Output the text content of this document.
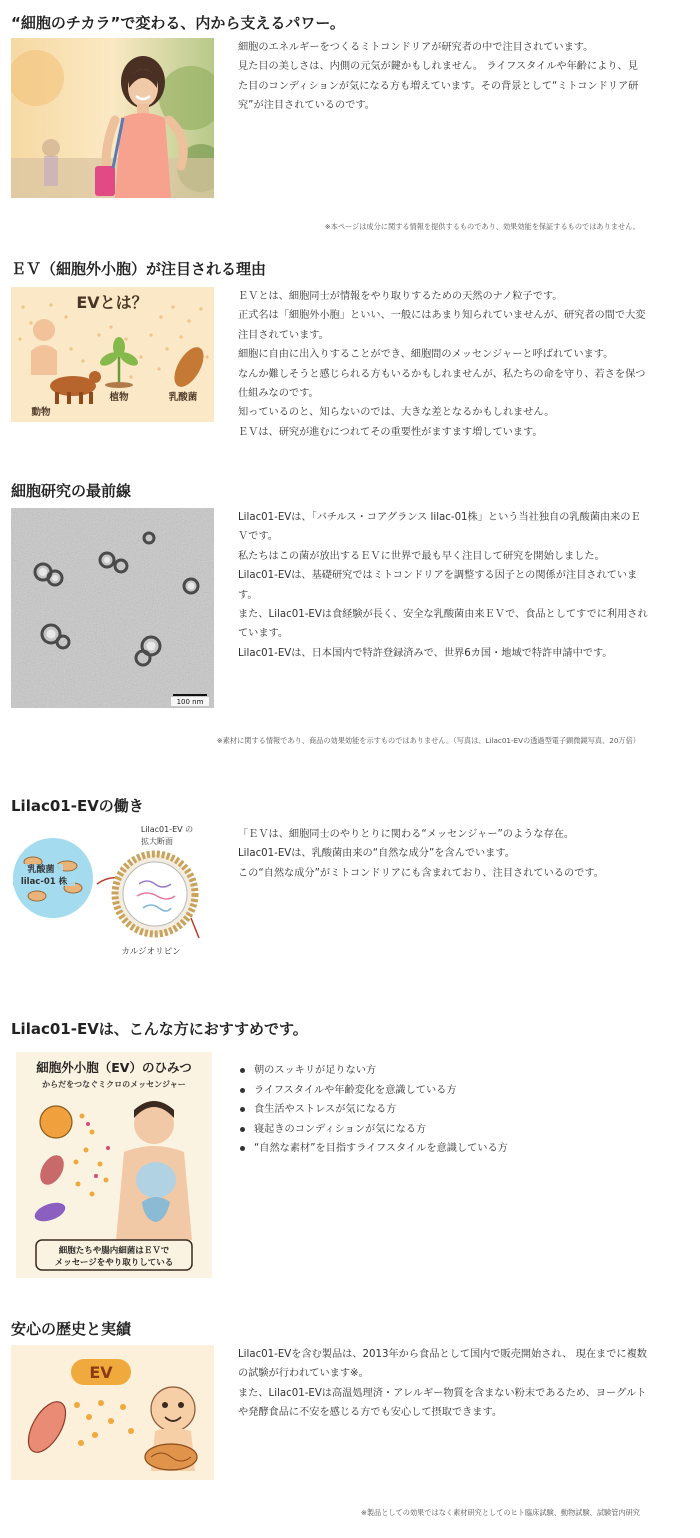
“細胞のチカラ”で変わる、内から支えるパワー。

細胞のエネルギーをつくるミトコンドリアが研究者の中で注目されています。

見た目の美しさは、内側の元気が鍵かもしれません。 ライフスタイルや年齢により、見た目のコンディションが気になる方も増えています。その背景として“ミトコンドリア研究”が注目されているのです。

※本ページは成分に関する情報を提供するものであり、効果効能を保証するものではありません。
ＥＶ（細胞外小胞）が注目される理由
EVとは？
動物
植物	乳酸菌

ＥＶとは、細胞同士が情報をやり取りするための天然のナノ粒子です。

正式名は「細胞外小胞」といい、一般にはあまり知られていませんが、研究者の間で大変注目されています。

細胞に自由に出入りすることができ、細胞間のメッセンジャーと呼ばれています。

なんか難しそうと感じられる方もいるかもしれませんが、私たちの命を守り、若さを保つ仕組みなのです。

知っているのと、知らないのでは、大きな差となるかもしれません。

ＥＶは、研究が進むにつれてその重要性がますます増しています。

細胞研究の最前線
100 nm

Lilac01-EVは、「バチルス・コアグランス lilac-01株」という当社独自の乳酸菌由来のＥＶです。

私たちはこの菌が放出するＥＶに世界で最も早く注目して研究を開始しました。

Lilac01-EVは、基礎研究ではミトコンドリアを調整する因子との関係が注目されています。

また、Lilac01-EVは食経験が長く、安全な乳酸菌由来ＥＶで、食品としてすでに利用されています。

Lilac01-EVは、日本国内で特許登録済みで、世界6カ国・地域で特許申請中です。

※素材に関する情報であり、商品の効果効能を示すものではありません。（写真は、Lilac01-EVの透過型電子顕微鏡写真、20万倍）
Lilac01-EVの働き
乳酸菌
lilac-01 株
Lilac01-EV の
拡大断面
カルジオリピン

「ＥＶは、細胞同士のやりとりに関わる“メッセンジャー”のような存在。

Lilac01-EVは、乳酸菌由来の“自然な成分”を含んでいます。

この“自然な成分”がミトコンドリアにも含まれており、注目されているのです。

Lilac01-EVは、こんな方におすすめです。
細胞外小胞（EV）のひみつ
からだをつなぐミクロのメッセンジャー
細胞たちや腸内細菌はＥＶで
メッセージをやり取りしている
朝のスッキリが足りない方
ライフスタイルや年齢変化を意識している方
食生活やストレスが気になる方
寝起きのコンディションが気になる方
“自然な素材”を目指すライフスタイルを意識している方
安心の歴史と実績
EV

Lilac01-EVを含む製品は、2013年から食品として国内で販売開始され、 現在までに複数の試験が行われています※。

また、Lilac01-EVは高温処理済・アレルギー物質を含まない粉末であるため、ヨーグルトや発酵食品に不安を感じる方でも安心して摂取できます。

※製品としての効果ではなく素材研究としてのヒト臨床試験、動物試験、試験管内研究
